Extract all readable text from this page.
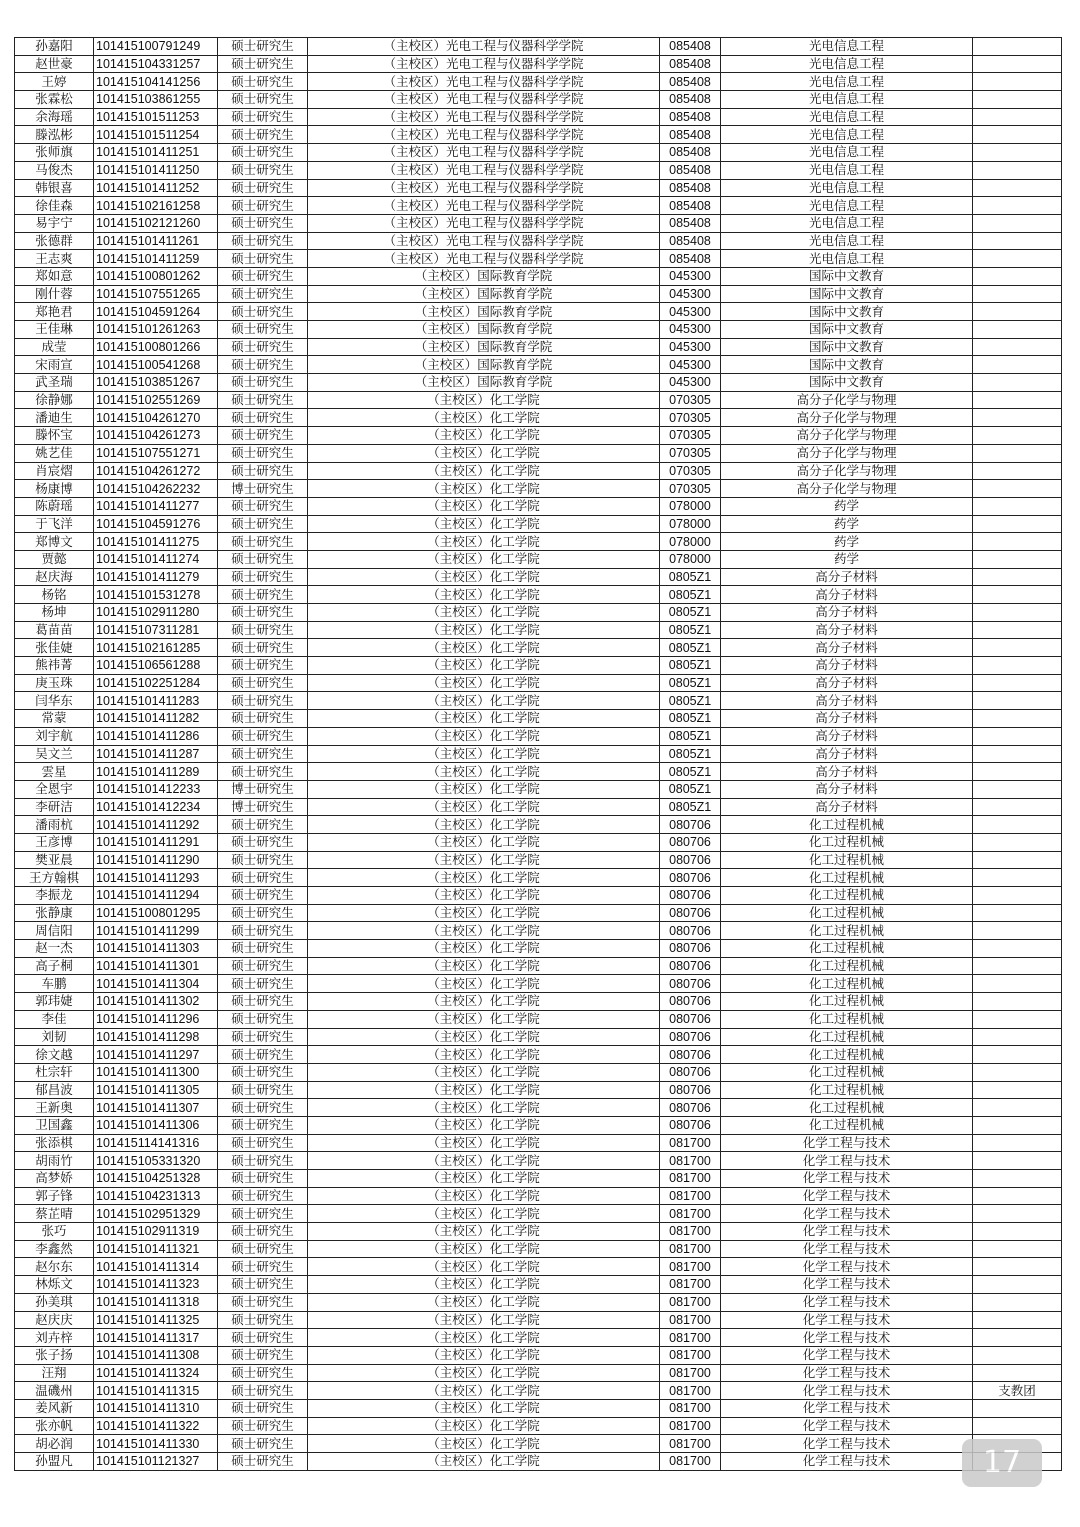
孙嘉阳	101415100791249	硕士研究生	（主校区）光电工程与仪器科学学院	085408	光电信息工程	
赵世豪	101415104331257	硕士研究生	（主校区）光电工程与仪器科学学院	085408	光电信息工程	
王婷	101415104141256	硕士研究生	（主校区）光电工程与仪器科学学院	085408	光电信息工程	
张霖松	101415103861255	硕士研究生	（主校区）光电工程与仪器科学学院	085408	光电信息工程	
余海瑶	101415101511253	硕士研究生	（主校区）光电工程与仪器科学学院	085408	光电信息工程	
滕泓彬	101415101511254	硕士研究生	（主校区）光电工程与仪器科学学院	085408	光电信息工程	
张师旗	101415101411251	硕士研究生	（主校区）光电工程与仪器科学学院	085408	光电信息工程	
马俊杰	101415101411250	硕士研究生	（主校区）光电工程与仪器科学学院	085408	光电信息工程	
韩银喜	101415101411252	硕士研究生	（主校区）光电工程与仪器科学学院	085408	光电信息工程	
徐佳森	101415102161258	硕士研究生	（主校区）光电工程与仪器科学学院	085408	光电信息工程	
易宇宁	101415102121260	硕士研究生	（主校区）光电工程与仪器科学学院	085408	光电信息工程	
张德群	101415101411261	硕士研究生	（主校区）光电工程与仪器科学学院	085408	光电信息工程	
王志爽	101415101411259	硕士研究生	（主校区）光电工程与仪器科学学院	085408	光电信息工程	
郑如意	101415100801262	硕士研究生	（主校区）国际教育学院	045300	国际中文教育	
刚什蓉	101415107551265	硕士研究生	（主校区）国际教育学院	045300	国际中文教育	
郑艳君	101415104591264	硕士研究生	（主校区）国际教育学院	045300	国际中文教育	
王佳琳	101415101261263	硕士研究生	（主校区）国际教育学院	045300	国际中文教育	
成莹	101415100801266	硕士研究生	（主校区）国际教育学院	045300	国际中文教育	
宋雨宣	101415100541268	硕士研究生	（主校区）国际教育学院	045300	国际中文教育	
武圣瑞	101415103851267	硕士研究生	（主校区）国际教育学院	045300	国际中文教育	
徐静娜	101415102551269	硕士研究生	（主校区）化工学院	070305	高分子化学与物理	
潘迪生	101415104261270	硕士研究生	（主校区）化工学院	070305	高分子化学与物理	
滕怀宝	101415104261273	硕士研究生	（主校区）化工学院	070305	高分子化学与物理	
姚艺佳	101415107551271	硕士研究生	（主校区）化工学院	070305	高分子化学与物理	
肖宸熠	101415104261272	硕士研究生	（主校区）化工学院	070305	高分子化学与物理	
杨康博	101415104262232	博士研究生	（主校区）化工学院	070305	高分子化学与物理	
陈蔚瑶	101415101411277	硕士研究生	（主校区）化工学院	078000	药学	
于飞洋	101415104591276	硕士研究生	（主校区）化工学院	078000	药学	
郑博文	101415101411275	硕士研究生	（主校区）化工学院	078000	药学	
贾懿	101415101411274	硕士研究生	（主校区）化工学院	078000	药学	
赵庆海	101415101411279	硕士研究生	（主校区）化工学院	0805Z1	高分子材料	
杨铭	101415101531278	硕士研究生	（主校区）化工学院	0805Z1	高分子材料	
杨坤	101415102911280	硕士研究生	（主校区）化工学院	0805Z1	高分子材料	
葛苗苗	101415107311281	硕士研究生	（主校区）化工学院	0805Z1	高分子材料	
张佳婕	101415102161285	硕士研究生	（主校区）化工学院	0805Z1	高分子材料	
熊祎菁	101415106561288	硕士研究生	（主校区）化工学院	0805Z1	高分子材料	
庚玉珠	101415102251284	硕士研究生	（主校区）化工学院	0805Z1	高分子材料	
闫华东	101415101411283	硕士研究生	（主校区）化工学院	0805Z1	高分子材料	
常蒙	101415101411282	硕士研究生	（主校区）化工学院	0805Z1	高分子材料	
刘宇航	101415101411286	硕士研究生	（主校区）化工学院	0805Z1	高分子材料	
吴文兰	101415101411287	硕士研究生	（主校区）化工学院	0805Z1	高分子材料	
雲星	101415101411289	硕士研究生	（主校区）化工学院	0805Z1	高分子材料	
全恩宇	101415101412233	博士研究生	（主校区）化工学院	0805Z1	高分子材料	
李研洁	101415101412234	博士研究生	（主校区）化工学院	0805Z1	高分子材料	
潘雨杭	101415101411292	硕士研究生	（主校区）化工学院	080706	化工过程机械	
王彦博	101415101411291	硕士研究生	（主校区）化工学院	080706	化工过程机械	
樊亚晨	101415101411290	硕士研究生	（主校区）化工学院	080706	化工过程机械	
王方翰棋	101415101411293	硕士研究生	（主校区）化工学院	080706	化工过程机械	
李振龙	101415101411294	硕士研究生	（主校区）化工学院	080706	化工过程机械	
张静康	101415100801295	硕士研究生	（主校区）化工学院	080706	化工过程机械	
周信阳	101415101411299	硕士研究生	（主校区）化工学院	080706	化工过程机械	
赵一杰	101415101411303	硕士研究生	（主校区）化工学院	080706	化工过程机械	
高子桐	101415101411301	硕士研究生	（主校区）化工学院	080706	化工过程机械	
车鹏	101415101411304	硕士研究生	（主校区）化工学院	080706	化工过程机械	
郭玮婕	101415101411302	硕士研究生	（主校区）化工学院	080706	化工过程机械	
李佳	101415101411296	硕士研究生	（主校区）化工学院	080706	化工过程机械	
刘韧	101415101411298	硕士研究生	（主校区）化工学院	080706	化工过程机械	
徐文越	101415101411297	硕士研究生	（主校区）化工学院	080706	化工过程机械	
杜宗轩	101415101411300	硕士研究生	（主校区）化工学院	080706	化工过程机械	
郁昌波	101415101411305	硕士研究生	（主校区）化工学院	080706	化工过程机械	
王新奥	101415101411307	硕士研究生	（主校区）化工学院	080706	化工过程机械	
卫国鑫	101415101411306	硕士研究生	（主校区）化工学院	080706	化工过程机械	
张添棋	101415114141316	硕士研究生	（主校区）化工学院	081700	化学工程与技术	
胡雨竹	101415105331320	硕士研究生	（主校区）化工学院	081700	化学工程与技术	
高梦娇	101415104251328	硕士研究生	（主校区）化工学院	081700	化学工程与技术	
郭子锋	101415104231313	硕士研究生	（主校区）化工学院	081700	化学工程与技术	
蔡芷晴	101415102951329	硕士研究生	（主校区）化工学院	081700	化学工程与技术	
张巧	101415102911319	硕士研究生	（主校区）化工学院	081700	化学工程与技术	
李鑫然	101415101411321	硕士研究生	（主校区）化工学院	081700	化学工程与技术	
赵尔东	101415101411314	硕士研究生	（主校区）化工学院	081700	化学工程与技术	
林烁文	101415101411323	硕士研究生	（主校区）化工学院	081700	化学工程与技术	
孙美琪	101415101411318	硕士研究生	（主校区）化工学院	081700	化学工程与技术	
赵庆庆	101415101411325	硕士研究生	（主校区）化工学院	081700	化学工程与技术	
刘卉梓	101415101411317	硕士研究生	（主校区）化工学院	081700	化学工程与技术	
张子扬	101415101411308	硕士研究生	（主校区）化工学院	081700	化学工程与技术	
汪翔	101415101411324	硕士研究生	（主校区）化工学院	081700	化学工程与技术	
温磯州	101415101411315	硕士研究生	（主校区）化工学院	081700	化学工程与技术	支教团
姜风新	101415101411310	硕士研究生	（主校区）化工学院	081700	化学工程与技术	
张亦帆	101415101411322	硕士研究生	（主校区）化工学院	081700	化学工程与技术	
胡必润	101415101411330	硕士研究生	（主校区）化工学院	081700	化学工程与技术	
孙盟凡	101415101121327	硕士研究生	（主校区）化工学院	081700	化学工程与技术		17
